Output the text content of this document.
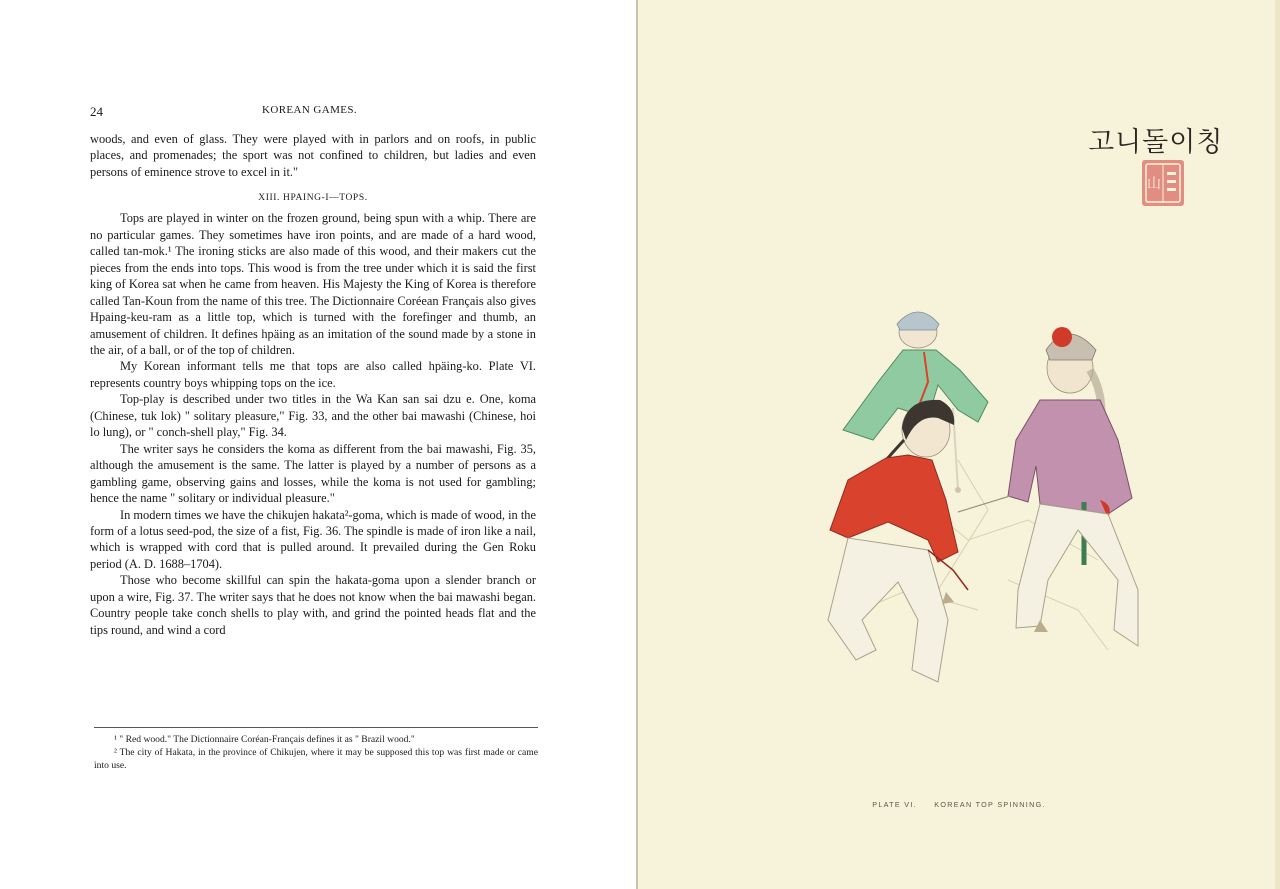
24	KOREAN GAMES.

woods, and even of glass. They were played with in parlors and on roofs, in public places, and promenades; the sport was not confined to children, but ladies and even persons of eminence strove to excel in it."

XIII. HPAING-I—TOPS.

Tops are played in winter on the frozen ground, being spun with a whip. There are no particular games. They sometimes have iron points, and are made of a hard wood, called tan-mok.¹ The ironing sticks are also made of this wood, and their makers cut the pieces from the ends into tops. This wood is from the tree under which it is said the first king of Korea sat when he came from heaven. His Majesty the King of Korea is therefore called Tan-Koun from the name of this tree. The Dictionnaire Coréean Français also gives Hpaing-keu-ram as a little top, which is turned with the forefinger and thumb, an amusement of children. It defines hpäing as an imitation of the sound made by a stone in the air, of a ball, or of the top of children.

My Korean informant tells me that tops are also called hpäing-ko. Plate VI. represents country boys whipping tops on the ice.

Top-play is described under two titles in the Wa Kan san sai dzu e. One, koma (Chinese, tuk lok) " solitary pleasure," Fig. 33, and the other bai mawashi (Chinese, hoi lo lung), or " conch-shell play," Fig. 34.

The writer says he considers the koma as different from the bai mawashi, Fig. 35, although the amusement is the same. The latter is played by a number of persons as a gambling game, observing gains and losses, while the koma is not used for gambling; hence the name " solitary or individual pleasure."

In modern times we have the chikujen hakata²-goma, which is made of wood, in the form of a lotus seed-pod, the size of a fist, Fig. 36. The spindle is made of iron like a nail, which is wrapped with cord that is pulled around. It prevailed during the Gen Roku period (A. D. 1688–1704).

Those who become skillful can spin the hakata-goma upon a slender branch or upon a wire, Fig. 37. The writer says that he does not know when the bai mawashi began. Country people take conch shells to play with, and grind the pointed heads flat and the tips round, and wind a cord

¹ " Red wood." The Dictionnaire Coréan-Français defines it as " Brazil wood."

² The city of Hakata, in the province of Chikujen, where it may be supposed this top was first made or came into use.

고니돌이칭
山
PLATE VI. KOREAN TOP SPINNING.
